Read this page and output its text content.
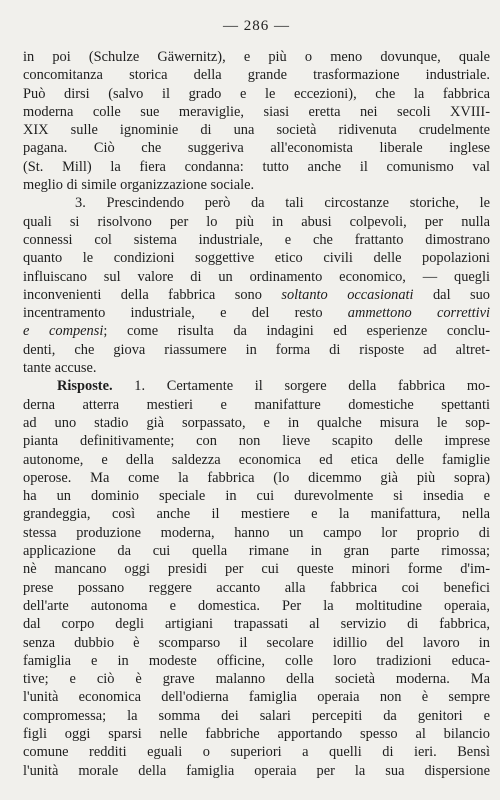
— 286 —
in poi (Schulze Gäwernitz), e più o meno dovunque, quale
concomitanza storica della grande trasformazione industriale.
Può dirsi (salvo il grado e le eccezioni), che la fabbrica
moderna colle sue meraviglie, siasi eretta nei secoli XVIII-
XIX sulle ignominie di una società ridivenuta crudelmente
pagana. Ciò che suggeriva all'economista liberale inglese
(St. Mill) la fiera condanna: tutto anche il comunismo val
meglio di simile organizzazione sociale.
3. Prescindendo però da tali circostanze storiche, le
quali si risolvono per lo più in abusi colpevoli, per nulla
connessi col sistema industriale, e che frattanto dimostrano
quanto le condizioni soggettive etico civili delle popolazioni
influiscano sul valore di un ordinamento economico, — quegli
inconvenienti della fabbrica sono soltanto occasionati dal suo
incentramento industriale, e del resto ammettono correttivi
e compensi; come risulta da indagini ed esperienze conclu-
denti, che giova riassumere in forma di risposte ad altret-
tante accuse.
Risposte. 1. Certamente il sorgere della fabbrica mo-
derna atterra mestieri e manifatture domestiche spettanti
ad uno stadio già sorpassato, e in qualche misura le sop-
pianta definitivamente; con non lieve scapito delle imprese
autonome, e della saldezza economica ed etica delle famiglie
operose. Ma come la fabbrica (lo dicemmo già più sopra)
ha un dominio speciale in cui durevolmente si insedia e
grandeggia, così anche il mestiere e la manifattura, nella
stessa produzione moderna, hanno un campo lor proprio di
applicazione da cui quella rimane in gran parte rimossa;
nè mancano oggi presidi per cui queste minori forme d'im-
prese possano reggere accanto alla fabbrica coi benefici
dell'arte autonoma e domestica. Per la moltitudine operaia,
dal corpo degli artigiani trapassati al servizio di fabbrica,
senza dubbio è scomparso il secolare idillio del lavoro in
famiglia e in modeste officine, colle loro tradizioni educa-
tive; e ciò è grave malanno della società moderna. Ma
l'unità economica dell'odierna famiglia operaia non è sempre
compromessa; la somma dei salari percepiti da genitori e
figli oggi sparsi nelle fabbriche apportando spesso al bilancio
comune redditi eguali o superiori a quelli di ieri. Bensì
l'unità morale della famiglia operaia per la sua dispersione
